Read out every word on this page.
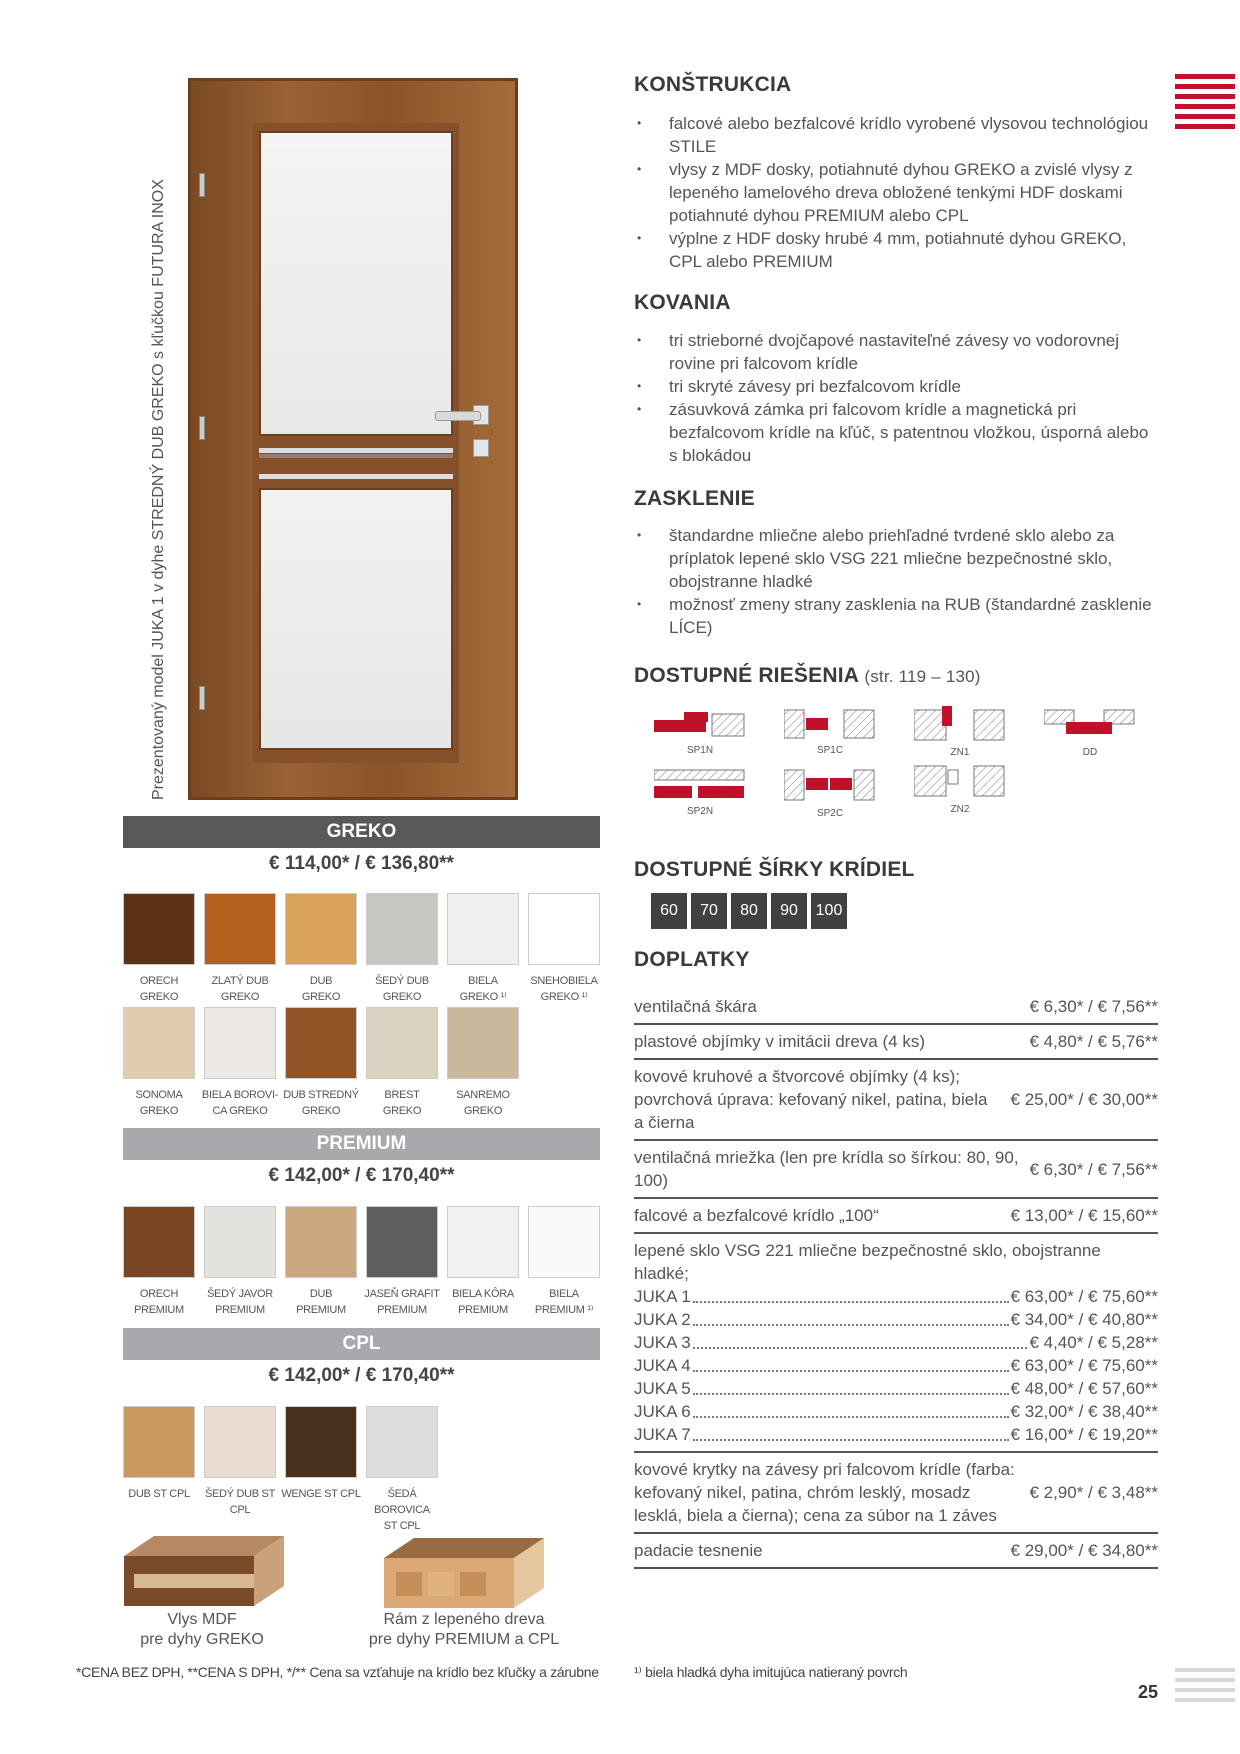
25
Prezentovaný model JUKA 1 v dyhe STREDNÝ DUB GREKO s kľučkou FUTURA INOX
GREKO
€ 114,00* / € 136,80**
ORECH
GREKO
ZLATÝ DUB
GREKO
DUB
GREKO
ŠEDÝ DUB
GREKO
BIELA
GREKO ¹⁾
SNEHOBIELA
GREKO ¹⁾
SONOMA
GREKO
BIELA BOROVI-
CA GREKO
DUB STREDNÝ
GREKO
BREST
GREKO
SANREMO
GREKO
PREMIUM
€ 142,00* / € 170,40**
ORECH
PREMIUM
ŠEDÝ JAVOR
PREMIUM
DUB
PREMIUM
JASEŇ GRAFIT
PREMIUM
BIELA KÔRA
PREMIUM
BIELA
PREMIUM ¹⁾
CPL
€ 142,00* / € 170,40**
DUB ST CPL	ŠEDÝ DUB ST CPL
WENGE ST CPL	ŠEDÁ BOROVICA
ST CPL
Vlys MDF
pre dyhy GREKO
Rám z lepeného dreva
pre dyhy PREMIUM a CPL
*CENA BEZ DPH, **CENA S DPH, */** Cena sa vzťahuje na krídlo bez kľučky a zárubne	¹⁾ biela hladká dyha imitujúca natieraný povrch
KONŠTRUKCIA
• falcové alebo bezfalcové krídlo vyrobené vlysovou technológiou STILE
• vlysy z MDF dosky, potiahnuté dyhou GREKO a zvislé vlysy z lepeného lamelového dreva obložené tenkými HDF doskami potiahnuté dyhou PREMIUM alebo CPL
• výplne z HDF dosky hrubé 4 mm, potiahnuté dyhou GREKO, CPL alebo PREMIUM
KOVANIA
• tri strieborné dvojčapové nastaviteľné závesy vo vodorovnej rovine pri falcovom krídle
• tri skryté závesy pri bezfalcovom krídle
• zásuvková zámka pri falcovom krídle a magnetická pri bezfalcovom krídle na kľúč, s patentnou vložkou, úsporná alebo s blokádou
ZASKLENIE
• štandardne mliečne alebo priehľadné tvrdené sklo alebo za príplatok lepené sklo VSG 221 mliečne bezpečnostné sklo, obojstranne hladké
• možnosť zmeny strany zasklenia na RUB (štandardné zasklenie LÍCE)
DOSTUPNÉ RIEŠENIA (str. 119 – 130)
SP1N	SP1C	ZN1	DD
SP2N	SP2C	ZN2
DOSTUPNÉ ŠÍRKY KRÍDIEL
60	70	80	90	100
DOPLATKY
ventilačná škára	€ 6,30* / € 7,56**
plastové objímky v imitácii dreva (4 ks)	€ 4,80* / € 5,76**
kovové kruhové a štvorcové objímky (4 ks); povrchová úprava: kefovaný nikel, patina, biela a čierna
€ 25,00* / € 30,00**
ventilačná mriežka (len pre krídla so šírkou: 80, 90, 100)
€ 6,30* / € 7,56**
falcové a bezfalcové krídlo „100“	€ 13,00* / € 15,60**
lepené sklo VSG 221 mliečne bezpečnostné sklo, obojstranne hladké;
JUKA 1	€ 63,00* / € 75,60**
JUKA 2	€ 34,00* / € 40,80**
JUKA 3	€ 4,40* / € 5,28**
JUKA 4	€ 63,00* / € 75,60**
JUKA 5	€ 48,00* / € 57,60**
JUKA 6	€ 32,00* / € 38,40**
JUKA 7	€ 16,00* / € 19,20**
kovové krytky na závesy pri falcovom krídle (farba: kefovaný nikel, patina, chróm lesklý, mosadz lesklá, biela a čierna); cena za súbor na 1 záves
€ 2,90* / € 3,48**
padacie tesnenie	€ 29,00* / € 34,80**
